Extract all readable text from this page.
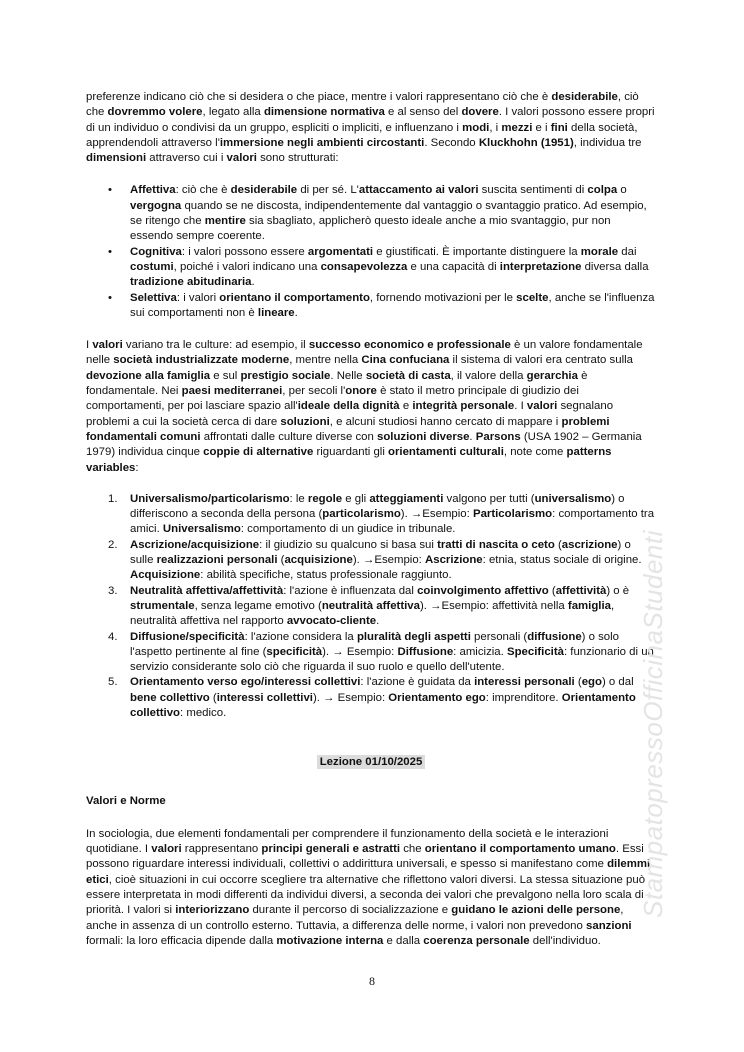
preferenze indicano ciò che si desidera o che piace, mentre i valori rappresentano ciò che è desiderabile, ciò che dovremmo volere, legato alla dimensione normativa e al senso del dovere. I valori possono essere propri di un individuo o condivisi da un gruppo, espliciti o impliciti, e influenzano i modi, i mezzi e i fini della società, apprendendoli attraverso l'immersione negli ambienti circostanti. Secondo Kluckhohn (1951), individua tre dimensioni attraverso cui i valori sono strutturati:

• Affettiva: ciò che è desiderabile di per sé. L'attaccamento ai valori suscita sentimenti di colpa o vergogna quando se ne discosta, indipendentemente dal vantaggio o svantaggio pratico. Ad esempio, se ritengo che mentire sia sbagliato, applicherò questo ideale anche a mio svantaggio, pur non essendo sempre coerente.
• Cognitiva: i valori possono essere argomentati e giustificati. È importante distinguere la morale dai costumi, poiché i valori indicano una consapevolezza e una capacità di interpretazione diversa dalla tradizione abitudinaria.
• Selettiva: i valori orientano il comportamento, fornendo motivazioni per le scelte, anche se l'influenza sui comportamenti non è lineare.

I valori variano tra le culture: ad esempio, il successo economico e professionale è un valore fondamentale nelle società industrializzate moderne, mentre nella Cina confuciana il sistema di valori era centrato sulla devozione alla famiglia e sul prestigio sociale. Nelle società di casta, il valore della gerarchia è fondamentale. Nei paesi mediterranei, per secoli l'onore è stato il metro principale di giudizio dei comportamenti, per poi lasciare spazio all'ideale della dignità e integrità personale. I valori segnalano problemi a cui la società cerca di dare soluzioni, e alcuni studiosi hanno cercato di mappare i problemi fondamentali comuni affrontati dalle culture diverse con soluzioni diverse. Parsons (USA 1902 – Germania 1979) individua cinque coppie di alternative riguardanti gli orientamenti culturali, note come patterns variables:

1. Universalismo/particolarismo: le regole e gli atteggiamenti valgono per tutti (universalismo) o differiscono a seconda della persona (particolarismo). →Esempio: Particolarismo: comportamento tra amici. Universalismo: comportamento di un giudice in tribunale.
2. Ascrizione/acquisizione: il giudizio su qualcuno si basa sui tratti di nascita o ceto (ascrizione) o sulle realizzazioni personali (acquisizione). →Esempio: Ascrizione: etnia, status sociale di origine. Acquisizione: abilità specifiche, status professionale raggiunto.
3. Neutralità affettiva/affettività: l'azione è influenzata dal coinvolgimento affettivo (affettività) o è strumentale, senza legame emotivo (neutralità affettiva). →Esempio: affettività nella famiglia, neutralità affettiva nel rapporto avvocato-cliente.
4. Diffusione/specificità: l'azione considera la pluralità degli aspetti personali (diffusione) o solo l'aspetto pertinente al fine (specificità). → Esempio: Diffusione: amicizia. Specificità: funzionario di un servizio considerante solo ciò che riguarda il suo ruolo e quello dell'utente.
5. Orientamento verso ego/interessi collettivi: l'azione è guidata da interessi personali (ego) o dal bene collettivo (interessi collettivi). → Esempio: Orientamento ego: imprenditore. Orientamento collettivo: medico.
Lezione 01/10/2025

Valori e Norme

In sociologia, due elementi fondamentali per comprendere il funzionamento della società e le interazioni quotidiane. I valori rappresentano principi generali e astratti che orientano il comportamento umano. Essi possono riguardare interessi individuali, collettivi o addirittura universali, e spesso si manifestano come dilemmi etici, cioè situazioni in cui occorre scegliere tra alternative che riflettono valori diversi. La stessa situazione può essere interpretata in modi differenti da individui diversi, a seconda dei valori che prevalgono nella loro scala di priorità. I valori si interiorizzano durante il percorso di socializzazione e guidano le azioni delle persone, anche in assenza di un controllo esterno. Tuttavia, a differenza delle norme, i valori non prevedono sanzioni formali: la loro efficacia dipende dalla motivazione interna e dalla coerenza personale dell'individuo.

StampatopressoOfficinaStudenti
8
